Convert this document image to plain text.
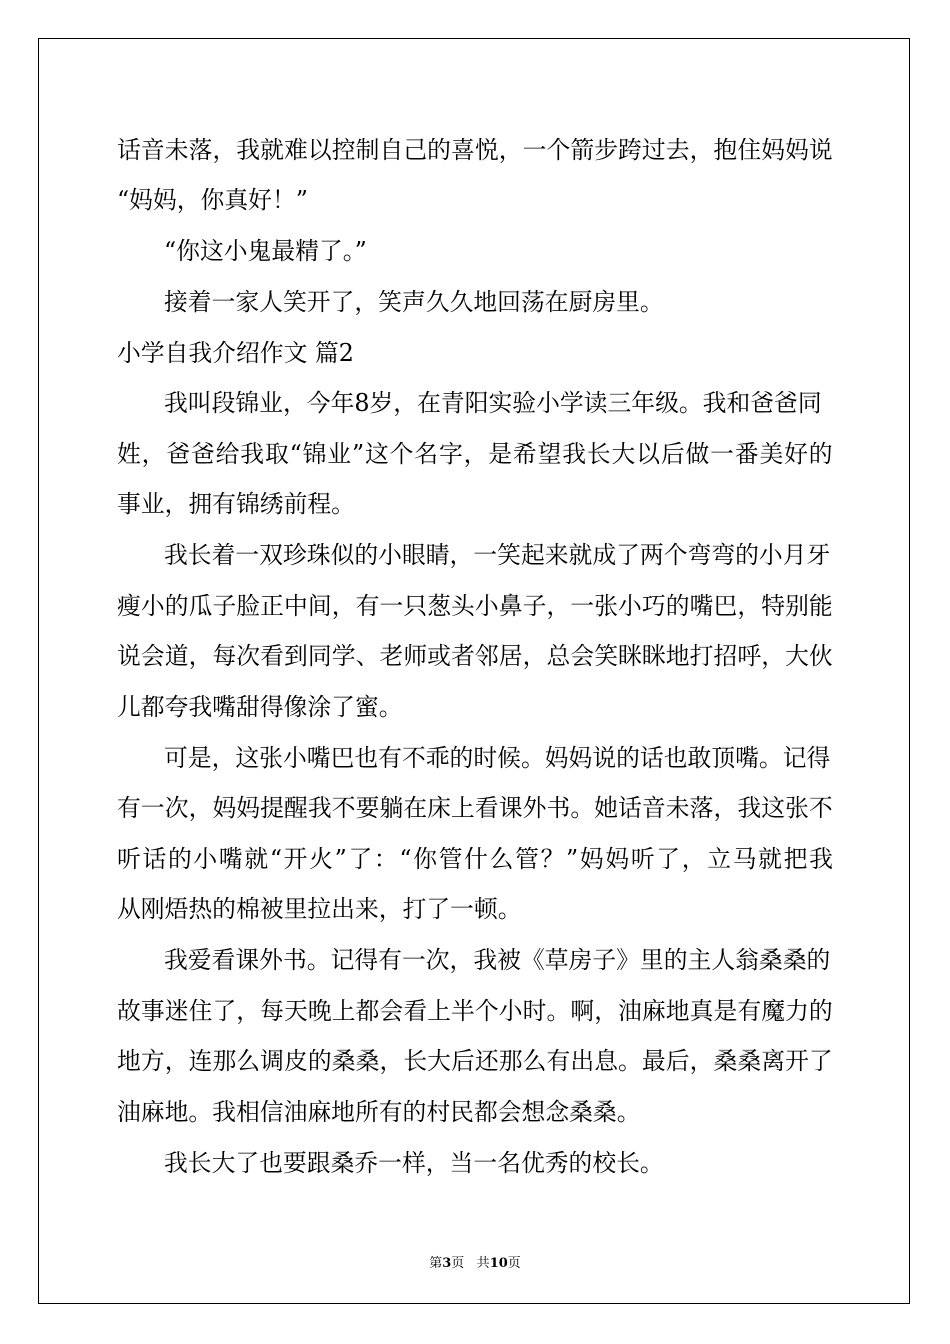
话 音 未 落 ， 我 就 难 以 控 制 自 己 的 喜 悦 ， 一 个 箭 步 跨 过 去 ， 抱 住 妈 妈 说
“妈妈，你真好！”
“你这小鬼最精了。”
接着一家人笑开了，笑声久久地回荡在厨房里。
小学自我介绍作文 篇2
我叫段锦业，今年8岁，在青阳实验小学读三年级。我和爸爸同
姓 ， 爸 爸 给 我 取 “ 锦 业 ” 这 个 名 字 ， 是 希 望 我 长 大 以 后 做 一 番 美 好 的
事业，拥有锦绣前程。
我长着一双珍珠似的小眼睛，一笑起来就成了两个弯弯的小月牙
瘦 小 的 瓜 子 脸 正 中 间 ， 有 一 只 葱 头 小 鼻 子 ， 一 张 小 巧 的 嘴 巴 ， 特 别 能
说 会 道 ， 每 次 看 到 同 学 、 老 师 或 者 邻 居 ， 总 会 笑 眯 眯 地 打 招 呼 ， 大 伙
儿都夸我嘴甜得像涂了蜜。
可是，这张小嘴巴也有不乖的时候。妈妈说的话也敢顶嘴。记得
有 一 次 ， 妈 妈 提 醒 我 不 要 躺 在 床 上 看 课 外 书 。 她 话 音 未 落 ， 我 这 张 不
听 话 的 小 嘴 就 “ 开 火 ” 了 ： “ 你 管 什 么 管 ？ ” 妈 妈 听 了 ， 立 马 就 把 我
从刚焐热的棉被里拉出来，打了一顿。
我爱看课外书。记得有一次，我被《草房子》里的主人翁桑桑的
故 事 迷 住 了 ， 每 天 晚 上 都 会 看 上 半 个 小 时 。 啊 ， 油 麻 地 真 是 有 魔 力 的
地 方 ， 连 那 么 调 皮 的 桑 桑 ， 长 大 后 还 那 么 有 出 息 。 最 后 ， 桑 桑 离 开 了
油麻地。我相信油麻地所有的村民都会想念桑桑。
我长大了也要跟桑乔一样，当一名优秀的校长。
第3页 共10页
